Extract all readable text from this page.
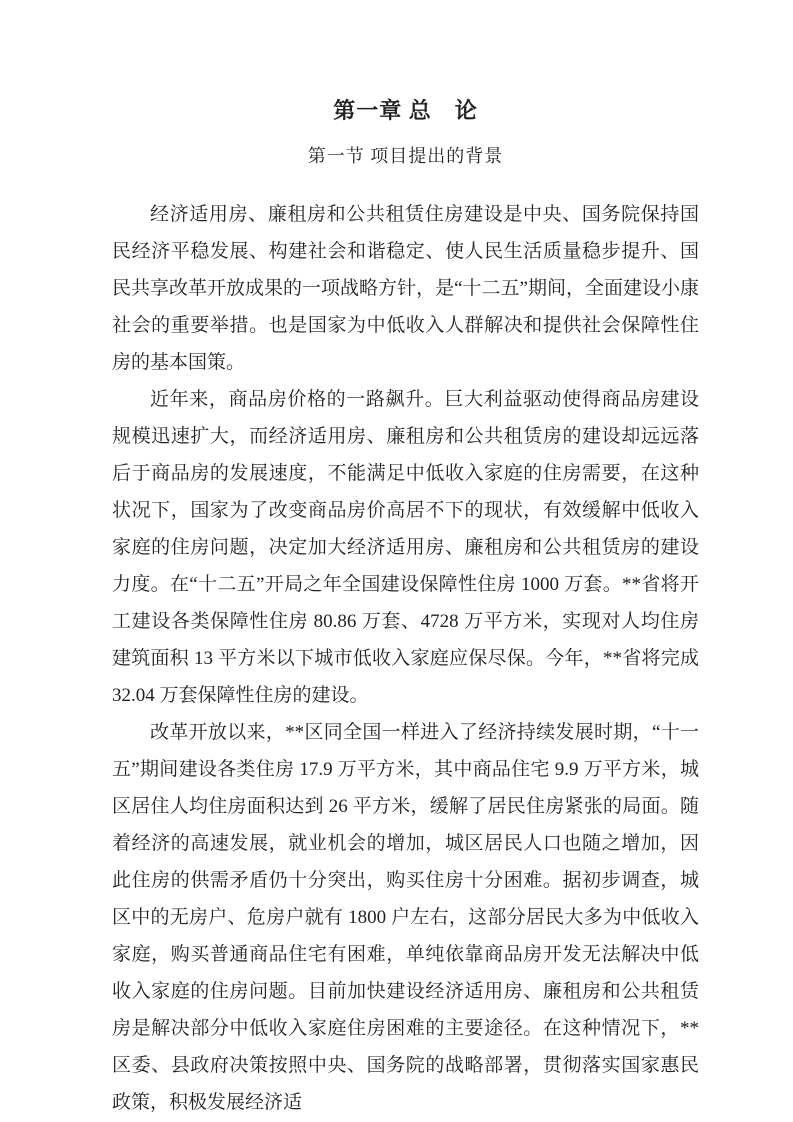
第一章 总　论
第一节 项目提出的背景

经济适用房、廉租房和公共租赁住房建设是中央、国务院保持国民经济平稳发展、构建社会和谐稳定、使人民生活质量稳步提升、国民共享改革开放成果的一项战略方针，是“十二五”期间，全面建设小康社会的重要举措。也是国家为中低收入人群解决和提供社会保障性住房的基本国策。

近年来，商品房价格的一路飙升。巨大利益驱动使得商品房建设规模迅速扩大，而经济适用房、廉租房和公共租赁房的建设却远远落后于商品房的发展速度，不能满足中低收入家庭的住房需要，在这种状况下，国家为了改变商品房价高居不下的现状，有效缓解中低收入家庭的住房问题，决定加大经济适用房、廉租房和公共租赁房的建设力度。在“十二五”开局之年全国建设保障性住房 1000 万套。**省将开工建设各类保障性住房 80.86 万套、4728 万平方米，实现对人均住房建筑面积 13 平方米以下城市低收入家庭应保尽保。今年，**省将完成 32.04 万套保障性住房的建设。

改革开放以来，**区同全国一样进入了经济持续发展时期，“十一五”期间建设各类住房 17.9 万平方米，其中商品住宅 9.9 万平方米，城区居住人均住房面积达到 26 平方米，缓解了居民住房紧张的局面。随着经济的高速发展，就业机会的增加，城区居民人口也随之增加，因此住房的供需矛盾仍十分突出，购买住房十分困难。据初步调查，城区中的无房户、危房户就有 1800 户左右，这部分居民大多为中低收入家庭，购买普通商品住宅有困难，单纯依靠商品房开发无法解决中低收入家庭的住房问题。目前加快建设经济适用房、廉租房和公共租赁房是解决部分中低收入家庭住房困难的主要途径。在这种情况下，**区委、县政府决策按照中央、国务院的战略部署，贯彻落实国家惠民政策，积极发展经济适
